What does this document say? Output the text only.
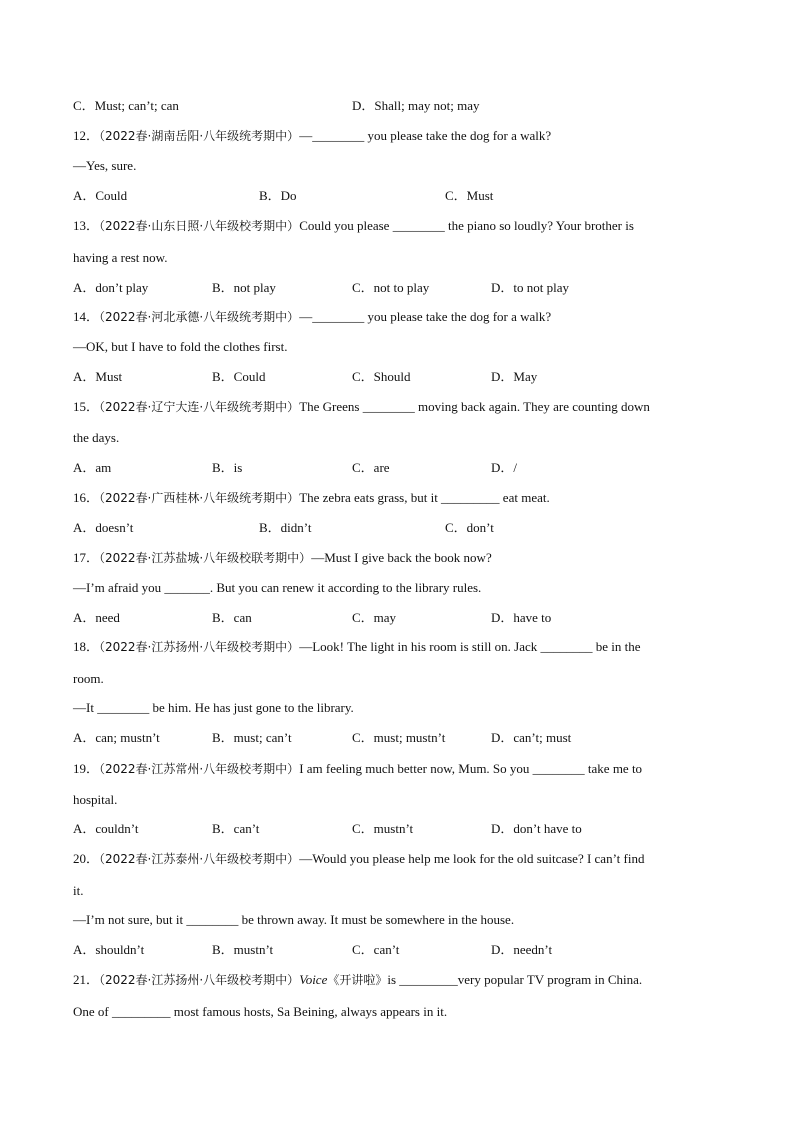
C．Must; can’t; can	D．Shall; may not; may
12．（2022春·湖南岳阳·八年级统考期中）—________ you please take the dog for a walk?
—Yes, sure.
A．Could	B．Do	C．Must
13．（2022春·山东日照·八年级校考期中）Could you please ________ the piano so loudly? Your brother is
having a rest now.
A．don’t play	B．not play	C．not to play	D．to not play
14．（2022春·河北承德·八年级统考期中）—________ you please take the dog for a walk?
—OK, but I have to fold the clothes first.
A．Must	B．Could	C．Should	D．May
15．（2022春·辽宁大连·八年级统考期中）The Greens ________ moving back again. They are counting down
the days.
A．am	B．is	C．are	D．/
16．（2022春·广西桂林·八年级统考期中）The zebra eats grass, but it _________ eat meat.
A．doesn’t	B．didn’t	C．don’t
17．（2022春·江苏盐城·八年级校联考期中）—Must I give back the book now?
—I’m afraid you _______. But you can renew it according to the library rules.
A．need	B．can	C．may	D．have to
18．（2022春·江苏扬州·八年级校考期中）—Look! The light in his room is still on. Jack ________ be in the
room.
—It ________ be him. He has just gone to the library.
A．can; mustn’t	B．must; can’t	C．must; mustn’t	D．can’t; must
19．（2022春·江苏常州·八年级校考期中）I am feeling much better now, Mum. So you ________ take me to
hospital.
A．couldn’t	B．can’t	C．mustn’t	D．don’t have to
20．（2022春·江苏泰州·八年级校考期中）—Would you please help me look for the old suitcase? I can’t find
it.
—I’m not sure, but it ________ be thrown away. It must be somewhere in the house.
A．shouldn’t	B．mustn’t	C．can’t	D．needn’t
21．（2022春·江苏扬州·八年级校考期中）Voice《开讲啦》is _________very popular TV program in China.
One of _________ most famous hosts, Sa Beining, always appears in it.
